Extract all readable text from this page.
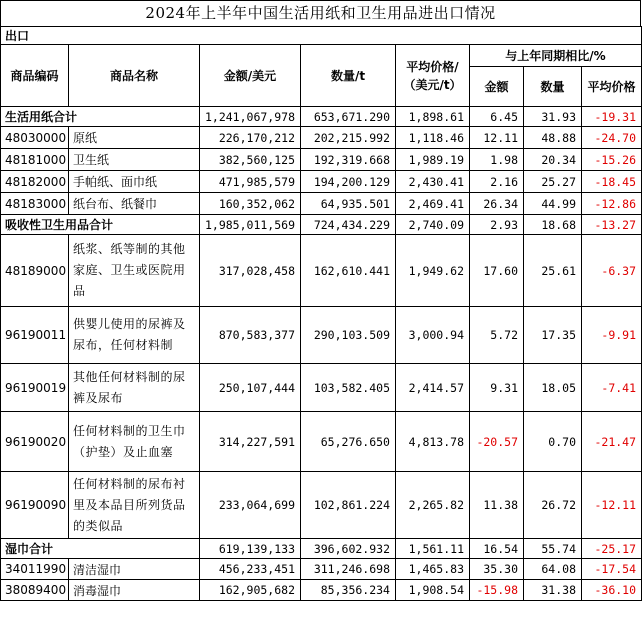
2024年上半年中国生活用纸和卫生用品进出口情况
出口							
商品编码	商品名称	金额/美元	数量/t	平均价格/（美元/t）	与上年同期相比/%		
					金额	数量	平均价格
生活用纸合计		1,241,067,978	653,671.290	1,898.61	6.45	31.93	-19.31
48030000	原纸	226,170,212	202,215.992	1,118.46	12.11	48.88	-24.70
48181000	卫生纸	382,560,125	192,319.668	1,989.19	1.98	20.34	-15.26
48182000	手帕纸、面巾纸	471,985,579	194,200.129	2,430.41	2.16	25.27	-18.45
48183000	纸台布、纸餐巾	160,352,062	64,935.501	2,469.41	26.34	44.99	-12.86
吸收性卫生用品合计		1,985,011,569	724,434.229	2,740.09	2.93	18.68	-13.27
48189000	纸浆、纸等制的其他家庭、卫生或医院用品	317,028,458	162,610.441	1,949.62	17.60	25.61	-6.37
96190011	供婴儿使用的尿裤及尿布，任何材料制	870,583,377	290,103.509	3,000.94	5.72	17.35	-9.91
96190019	其他任何材料制的尿裤及尿布	250,107,444	103,582.405	2,414.57	9.31	18.05	-7.41
96190020	任何材料制的卫生巾（护垫）及止血塞	314,227,591	65,276.650	4,813.78	-20.57	0.70	-21.47
96190090	任何材料制的尿布衬里及本品目所列货品的类似品	233,064,699	102,861.224	2,265.82	11.38	26.72	-12.11
湿巾合计		619,139,133	396,602.932	1,561.11	16.54	55.74	-25.17
34011990	清洁湿巾	456,233,451	311,246.698	1,465.83	35.30	64.08	-17.54
38089400	消毒湿巾	162,905,682	85,356.234	1,908.54	-15.98	31.38	-36.10
